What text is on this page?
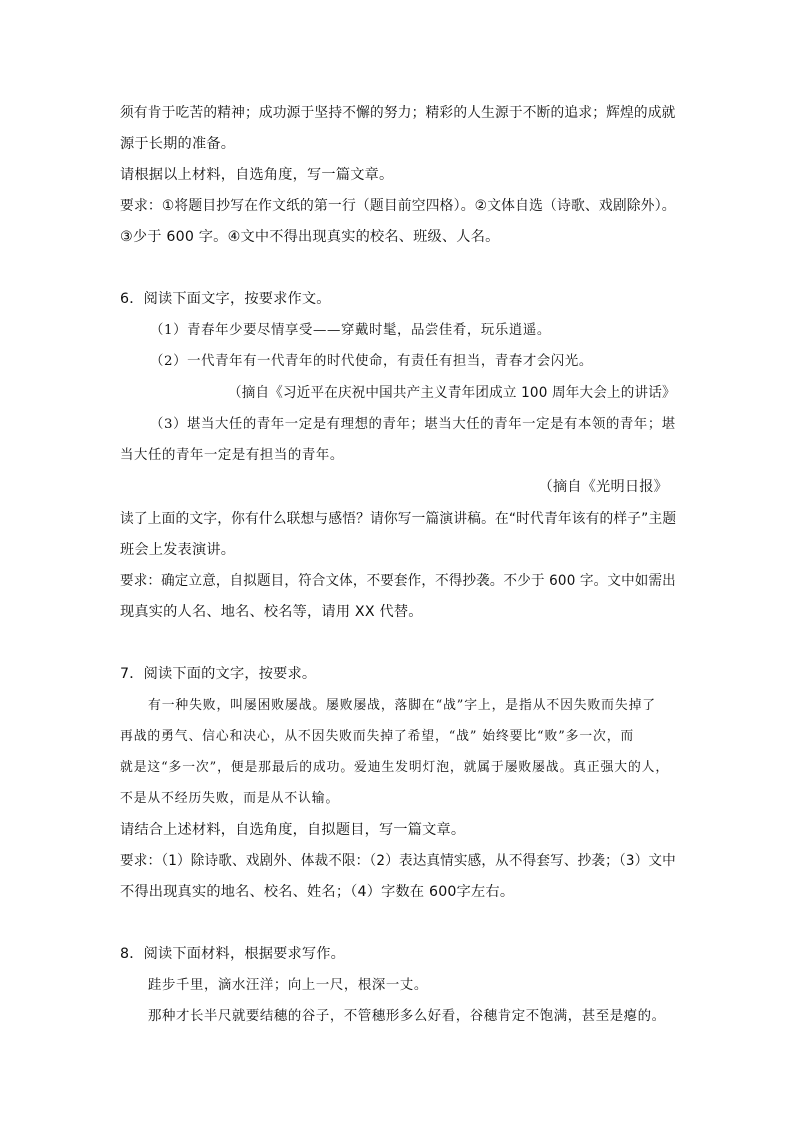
须有肯于吃苦的精神；成功源于坚持不懈的努力；精彩的人生源于不断的追求；辉煌的成就
源于长期的准备。
请根据以上材料，自选角度，写一篇文章。
要求：①将题目抄写在作文纸的第一行（题目前空四格）。②文体自选（诗歌、戏剧除外）。
③少于 600 字。④文中不得出现真实的校名、班级、人名。
6．阅读下面文字，按要求作文。
（1）青春年少要尽情享受——穿戴时髦，品尝佳肴，玩乐逍遥。
（2）一代青年有一代青年的时代使命，有责任有担当，青春才会闪光。
（摘自《习近平在庆祝中国共产主义青年团成立 100 周年大会上的讲话》
（3）堪当大任的青年一定是有理想的青年；堪当大任的青年一定是有本领的青年；堪
当大任的青年一定是有担当的青年。
（摘自《光明日报》
读了上面的文字，你有什么联想与感悟？请你写一篇演讲稿。在“时代青年该有的样子”主题
班会上发表演讲。
要求：确定立意，自拟题目，符合文体，不要套作，不得抄袭。不少于 600 字。文中如需出
现真实的人名、地名、校名等，请用 XX 代替。
7．阅读下面的文字，按要求。
有一种失败，叫屡困败屡战。屡败屡战，落脚在“战”字上，是指从不因失败而失掉了
再战的勇气、信心和决心，从不因失败而失掉了希望，“战” 始终要比“败”多一次，而
就是这“多一次”，便是那最后的成功。爱迪生发明灯泡，就属于屡败屡战。真正强大的人，
不是从不经历失败，而是从不认输。
请结合上述材料，自选角度，自拟题目，写一篇文章。
要求：（1）除诗歌、戏剧外、体裁不限：（2）表达真情实感，从不得套写、抄袭；（3）文中
不得出现真实的地名、校名、姓名；（4）字数在 600字左右。
8．阅读下面材料，根据要求写作。
跬步千里，滴水汪洋；向上一尺，根深一丈。
那种才长半尺就要结穗的谷子，不管穗形多么好看，谷穗肯定不饱满，甚至是瘪的。
